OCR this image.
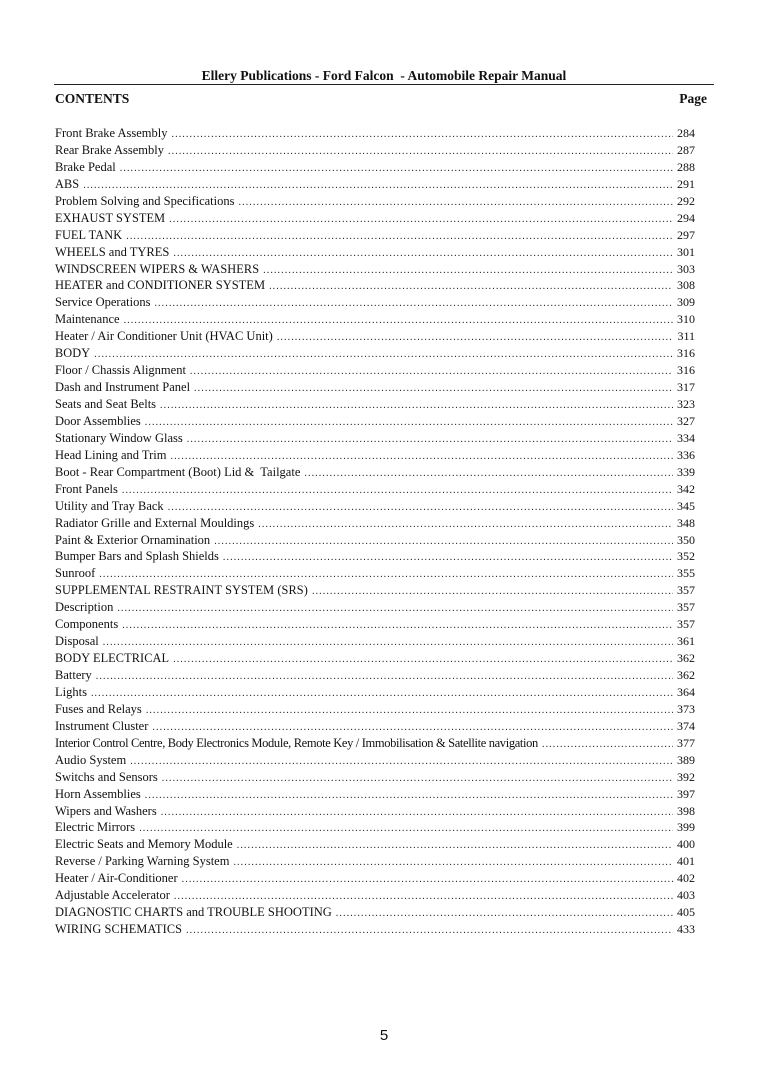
Ellery Publications - Ford Falcon  - Automobile Repair Manual
CONTENTS	Page
Front Brake Assembly .....	284
Rear Brake Assembly .....	287
Brake Pedal .....	288
ABS .....	291
Problem Solving and Specifications .....	292
EXHAUST SYSTEM .....	294
FUEL TANK .....	297
WHEELS and TYRES .....	301
WINDSCREEN WIPERS & WASHERS .....	303
HEATER and CONDITIONER SYSTEM .....	308
Service Operations .....	309
Maintenance .....	310
Heater / Air Conditioner Unit (HVAC Unit) .....	311
BODY .....	316
Floor / Chassis Alignment .....	316
Dash and Instrument Panel .....	317
Seats and Seat Belts .....	323
Door Assemblies .....	327
Stationary Window Glass .....	334
Head Lining and Trim .....	336
Boot - Rear Compartment (Boot) Lid &  Tailgate .....	339
Front Panels .....	342
Utility and Tray Back .....	345
Radiator Grille and External Mouldings .....	348
Paint & Exterior Ornamination .....	350
Bumper Bars and Splash Shields .....	352
Sunroof .....	355
SUPPLEMENTAL RESTRAINT SYSTEM (SRS) .....	357
Description .....	357
Components .....	357
Disposal .....	361
BODY ELECTRICAL .....	362
Battery .....	362
Lights .....	364
Fuses and Relays .....	373
Instrument Cluster .....	374
Interior Control Centre, Body Electronics Module, Remote Key / Immobilisation & Satellite navigation .....	377
Audio System .....	389
Switchs and Sensors .....	392
Horn Assemblies .....	397
Wipers and Washers .....	398
Electric Mirrors .....	399
Electric Seats and Memory Module .....	400
Reverse / Parking Warning System .....	401
Heater / Air-Conditioner .....	402
Adjustable Accelerator .....	403
DIAGNOSTIC CHARTS and TROUBLE SHOOTING .....	405
WIRING SCHEMATICS .....	433
5
